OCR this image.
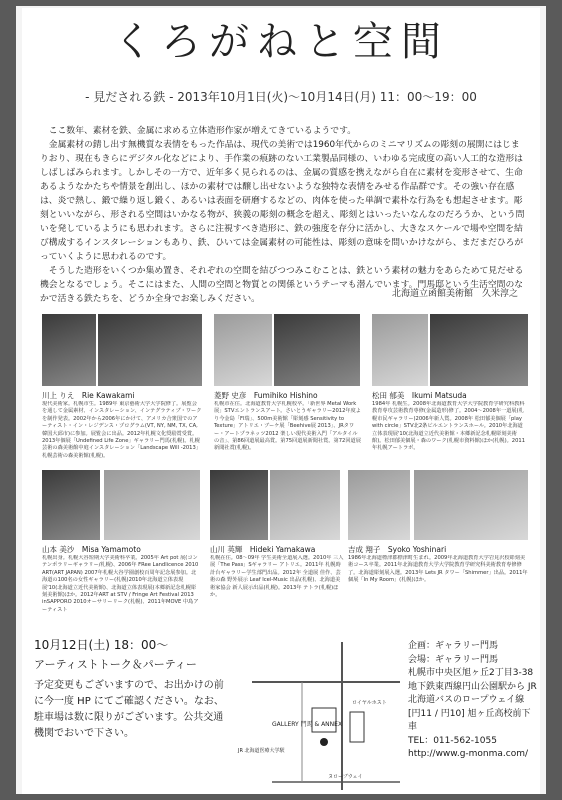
くろがねと空間
- 見だされる鉄 - 2013年10月1日(火)〜10月14日(月) 11：00〜19：00

ここ数年、素材を鉄、金属に求める立体造形作家が増えてきているようです。

金属素材の錆し出す無機質な表情をもった作品は、現代の美術では1960年代からのミニマリズムの彫刻の展開にはじまりおり、現在もきらにデジタル化などにより、手作業の痕跡のない工業製品同様の、いわゆる完成度の高い人工的な造形はしばしばみられます。しかしその一方で、近年多く見られるのは、金属の質感を携えながら自在に素材を変形させて、生命あるようなかたちや情景を創出し、ほかの素材では醸し出せないような独特な表情をみせる作品群です。その強い存在感は、炎で熱し、鍛で繰り返し鍛く、あるいは表面を研磨するなどの、肉体を使った単調で素朴な行為をも想起させます。彫刻といいながら、形される空間はいかなる物が、狭義の彫刻の概念を超え、彫刻とはいったいなんなのだろうか、という問いを発しているようにも思われます。さらに注視すべき造形に、鉄の強度を存分に活かし、大きなスケールで場や空間を結び構成するインスタレーションもあり、鉄、ひいては金属素材の可能性は、彫刻の意味を問いかけながら、まだまだひろがっていくように思われるのです。

そうした造形をいくつか集め置き、それぞれの空間を結びつつみこむことは、鉄という素材の魅力をあらためて見だせる機会となるでしょう。そこにはまた、人間の空間と物質との関係というテーマも潜んでいます。門馬邸という生活空間のなかで活きる鉄たちを、どうか全身でお楽しみください。	北海道立函館美術館　久米淳之
川上 りえ　Rie Kawakami
現代美術家。札幌市生。1989年 東京藝術大学大学院修了。展覧会を通して金属素材、インスタレーション、インテグラティブ・ワークを制作発表。2002年から2006年にかけて、アメリカ合衆国でのアーティスト・イン・レジデンス・プログラム(VT, NY, NM, TX, CA, 韓国大邱市)に参加。展覧会に出品。2012年札幌文化奨励賞受賞。2013年個展「Undefined Life Zone」ギャラリー門馬(札幌)。札幌芸術の森美術館中庭インスタレーション「Landscape Will -2013」札幌芸術の森美術館(札幌)。
菱野 史彦　Fumihiko Hishino
札幌市在住。北海道教育大学札幌校卒。「新世界 Metal Work 展」STVエントランスアート。さいとうギャラリー2012年度より今金島「Fl瑞」、500m美術館「彫刻感 Sensitivity to Texture」アトリエ・ブーケ展「Beehive展 2013」、JRタワー・アートプラネッツ2012 楽しい現代美術入門「アルタイルの音」、第86回道展最高賞。第75回道展新聞社賞。第72回道展新聞社賞(札幌)。
松田 郁美　Ikumi Matsuda
1984年 札幌生。2008年北海道教育大学大学院教育学研究科教科教育専攻芸術教育専修(金属造形)修了。2004〜2008年一道展(札幌市民ギャラリー)2006年新人賞。2008年 松田郁美個展「play with circle」STV北2条ビルエントランスホール。2010年北海道立体表現展'10(北海道立近代美術館・本郷新記念札幌彫刻美術館)。松田郁美個展・森のワーク(札幌市資料館)ほか(札幌)。2011年札幌アートラボ。
山本 美沙　Misa Yamamoto
札幌出身。札幌大谷短期大学美術科卒業。2005年 Art pot 展(コンテンポラリーギャラリー/札幌)、2006年 FRee Landlicence 2010 ART(ART JAPAN) 2007年札幌大谷学園創校百周年記念展参加。北海道の100名の女性ギャラリー(札幌)2010年北海道立体表現展'10(北海道立近代美術館)、北海道立体表現展(本郷新記念札幌彫刻美術館)ほか。2012年ART at STV / Fringe Art Festival 2013 inSAPPORO 2010オーサリーリーク(札幌)、2011年MOVE 中島アーティスト
山川 英輝　Hideki Yamakawa
札幌在住。08〜09年 学生美術全道展入選。2010年 三人展「The Pass」Sギャラリー アトリエ。2011年 札幌時計台ギャラリー学生部門出品。2012年 全道展 佳作、芸術の森 野外展示 Leaf Icel-Music 出品(札幌)、北海道美術家協会 新人展示出品(札幌)。2013年 テトラ(札幌)ほか。
吉成 翔子　Syoko Yoshinari
1986年北海道標津郡標津町生まれ。2009年北海道教育大学岩見沢校彫刻美術コース卒業。2011年北海道教育大学大学院教育学研究科美術教育専修修了。北海道彫刻展入選。2013年 Lets JR タワー「Shimmer」出品。2011年個展「In My Room」(札幌)ほか。
10月12日(土) 18：00〜
アーティストトーク＆パーティー
予定変更もございますので、お出かけの前に今一度 HP にてご確認ください。なお、駐車場は数に限りがございます。公共交通機関でおいで下さい。
GALLERY 門馬 & ANNEX
JR 北海道医療大学駅
ロイヤルホスト
ヌローブウェイ
企画：ギャラリー門馬
会場：ギャラリー門馬
札幌市中央区旭ヶ丘2丁目3-38
地下鉄東西線円山公園駅から JR 北海道バスのロープウェイ線
[円11 / 円10] 旭ヶ丘高校前下車
TEL：011-562-1055
http://www.g-monma.com/
